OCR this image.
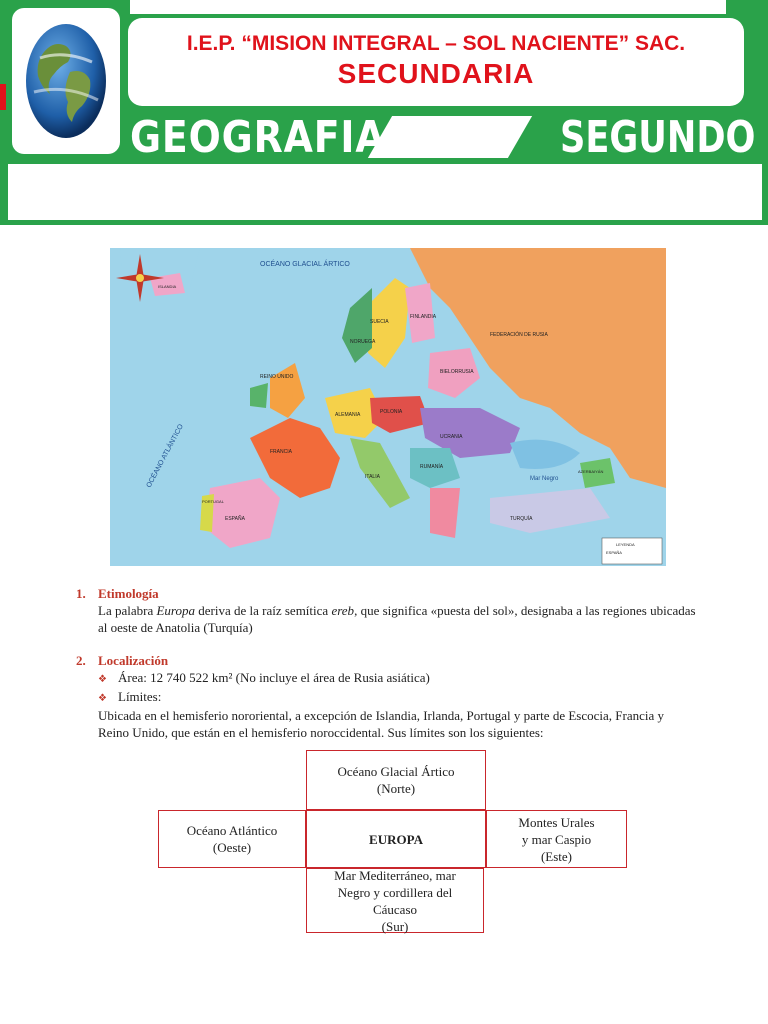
I.E.P. “MISION INTEGRAL – SOL NACIENTE” SAC.
SECUNDARIA
GEOGRAFIA	SEGUNDO
OCÉANO GLACIAL ÁRTICO
OCÉANO ATLÁNTICO	Mar Negro
SUECIA
NORUEGA
FINLANDIA
BIELORRUSIA
FRANCIA
ALEMANIA	POLONIA
UCRANIA
ESPAÑA
PORTUGAL
ITALIA
RUMANÍA
TURQUÍA
FEDERACIÓN DE RUSIA
REINO UNIDO
AZERBAIYÁN
ISLANDIA
LEYENDA
ESPAÑA
1. Etimología
La palabra Europa deriva de la raíz semítica ereb, que significa «puesta del sol», designaba a las regiones ubicadas al oeste de Anatolia (Turquía)
2. Localización
❖ Área: 12 740 522 km² (No incluye el área de Rusia asiática)
❖ Límites:
Ubicada en el hemisferio nororiental, a excepción de Islandia, Irlanda, Portugal y parte de Escocia, Francia y Reino Unido, que están en el hemisferio noroccidental. Sus límites son los siguientes:
Océano Glacial Ártico
(Norte)
Océano Atlántico
(Oeste)
EUROPA
Montes Urales
y mar Caspio
(Este)
Mar Mediterráneo, mar Negro y cordillera del Cáucaso
(Sur)
